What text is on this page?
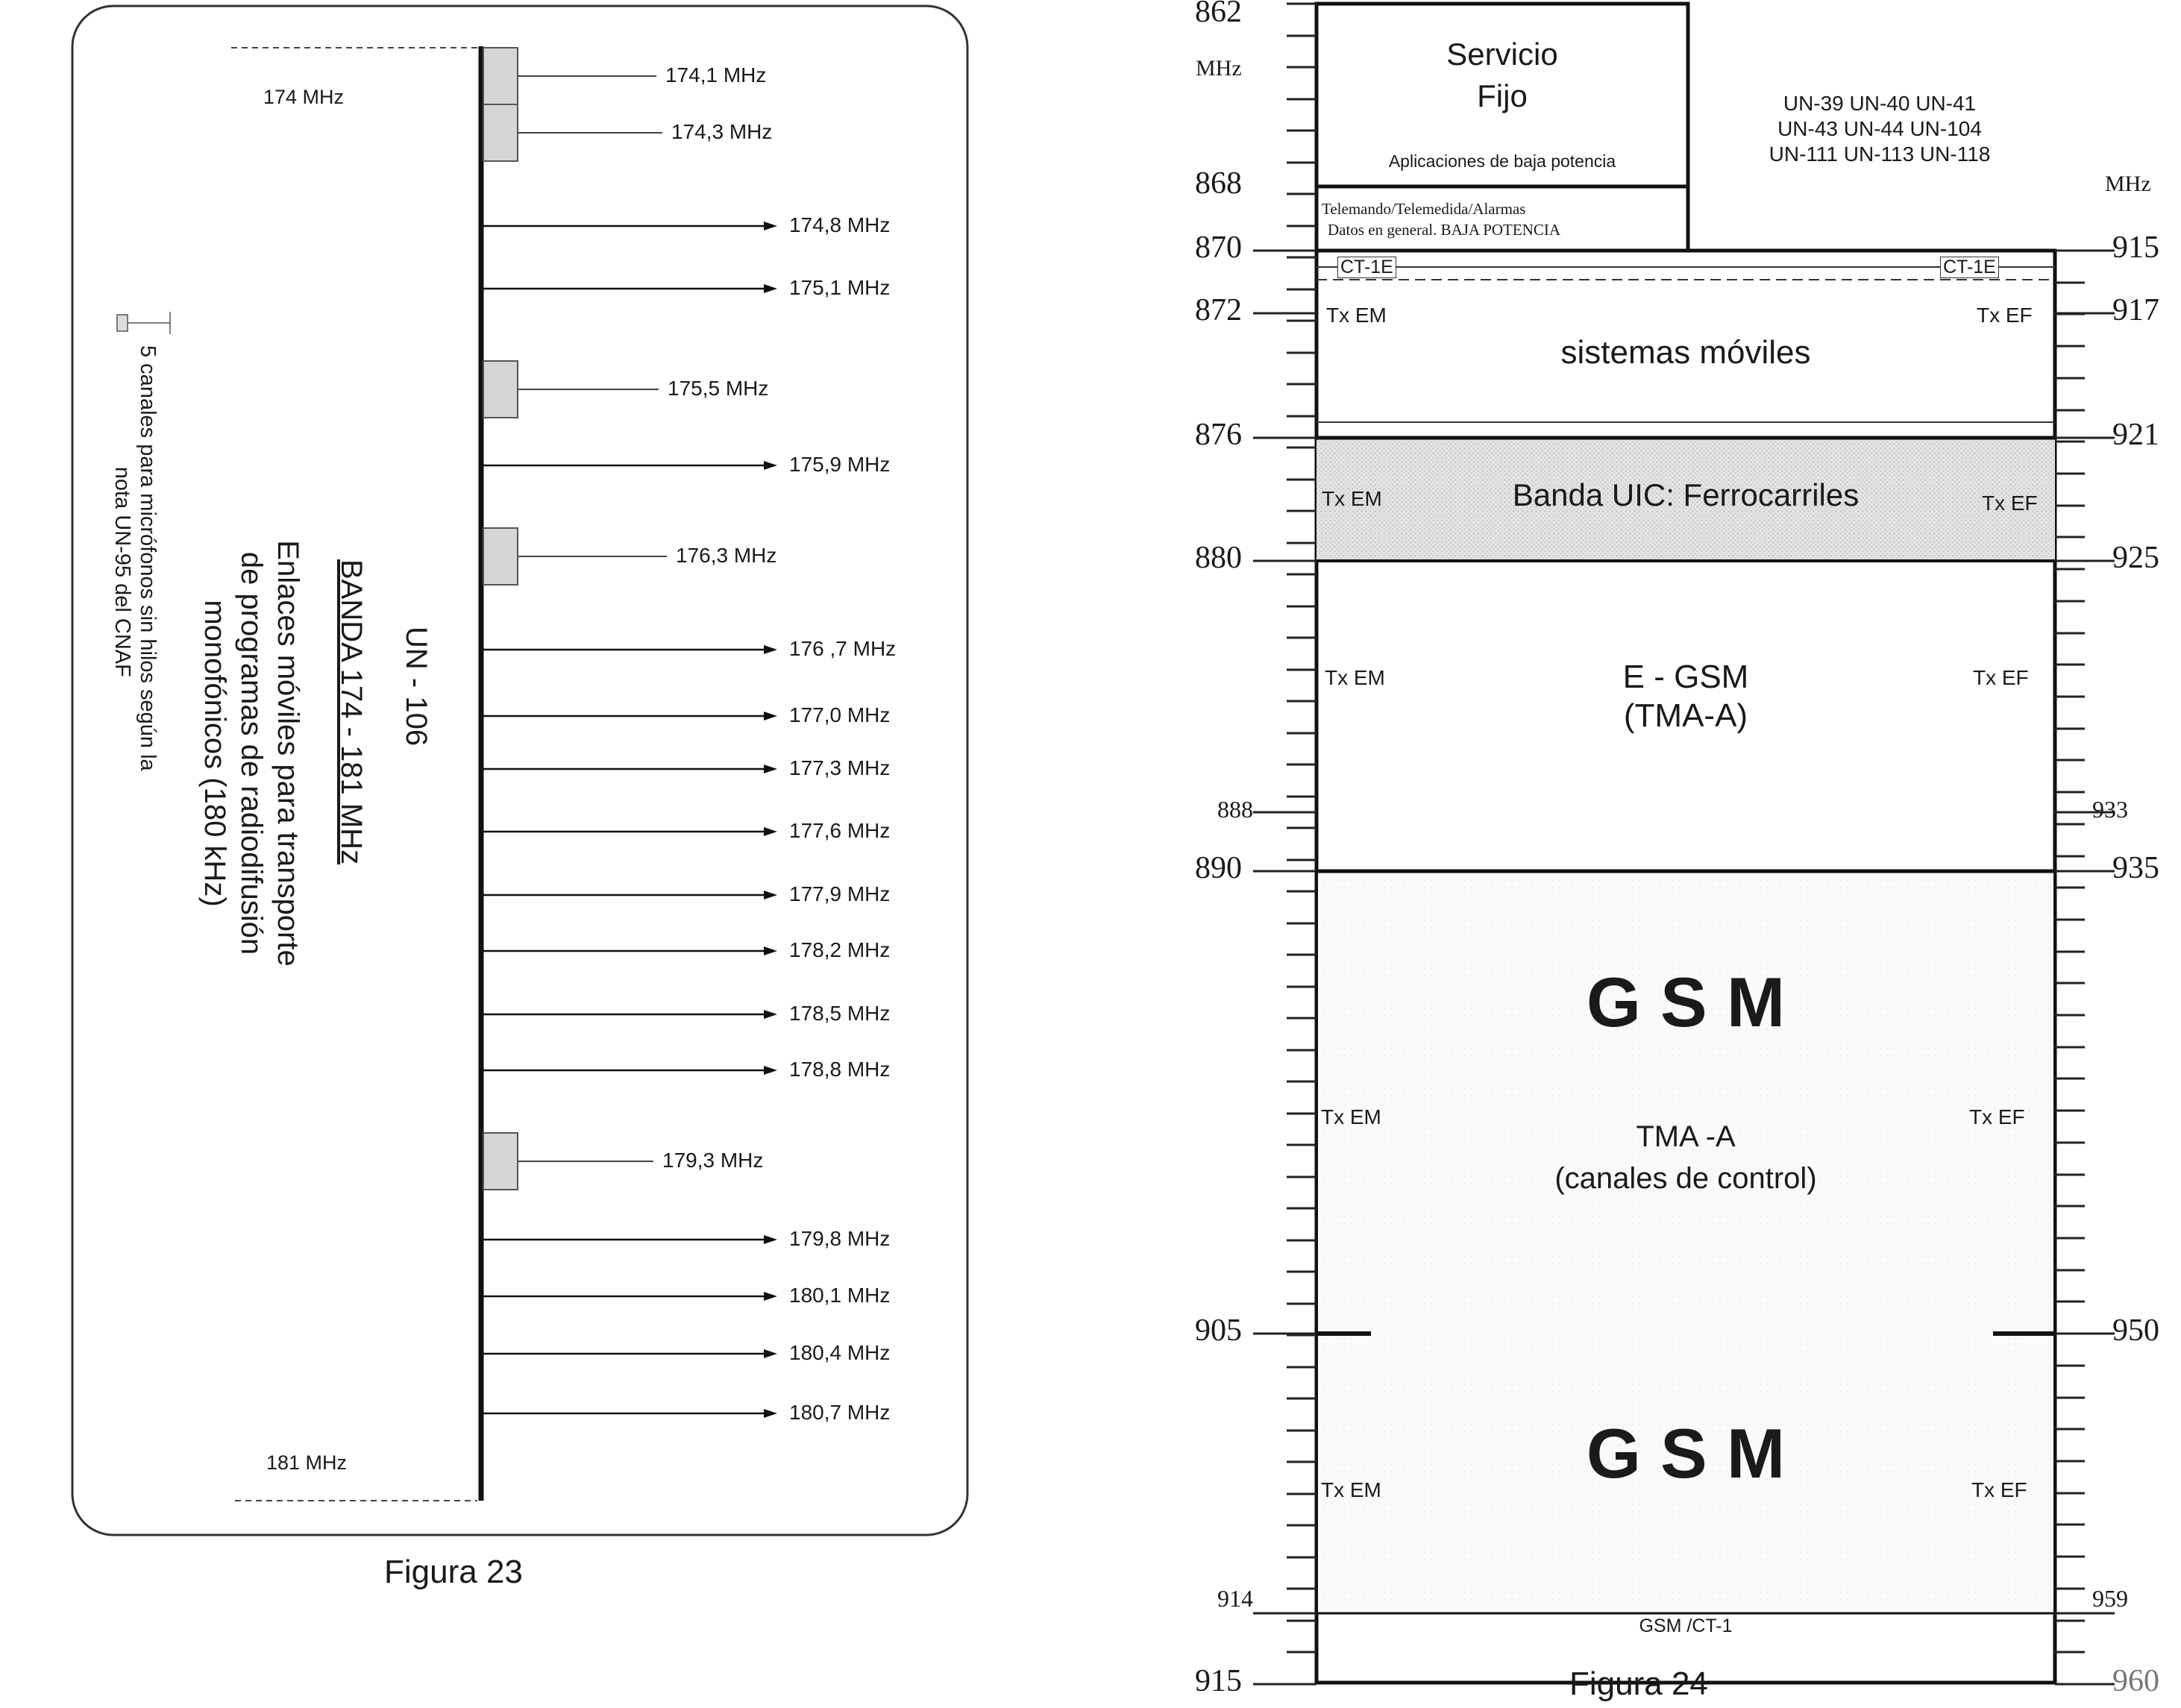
174 MHz
181 MHz
174,1 MHz
174,3 MHz
174,8 MHz
175,1 MHz
175,5 MHz
175,9 MHz
176,3 MHz
176 ,7 MHz
177,0 MHz
177,3 MHz
177,6 MHz
177,9 MHz
178,2 MHz
178,5 MHz
178,8 MHz
179,3 MHz
179,8 MHz
180,1 MHz
180,4 MHz
180,7 MHz
UN - 106
BANDA 174 - 181 MHz
Enlaces móviles para transporte
de programas de radiodifusión
monofónicos (180 kHz)
5 canales para micrófonos sin hilos según la
nota UN-95 del CNAF
Figura 23
Servicio
Fijo
Aplicaciones de baja potencia
Telemando/Telemedida/Alarmas
Datos en general. BAJA POTENCIA
UN-39 UN-40 UN-41
UN-43 UN-44 UN-104
UN-111 UN-113 UN-118
MHz
MHz
862
868
870
872
876
880
888
890
905
914
915
915
917
921
925
933
935
950
959
960
CT-1E	CT-1E
sistemas móviles
Banda UIC: Ferrocarriles
E - GSM
(TMA-A)
G S M
TMA -A
(canales de control)
G S M
GSM /CT-1
Tx EM	Tx EF
Tx EM	Tx EF
Tx EM	Tx EF
Tx EM	Tx EF
Tx EM	Tx EF
Figura 24
